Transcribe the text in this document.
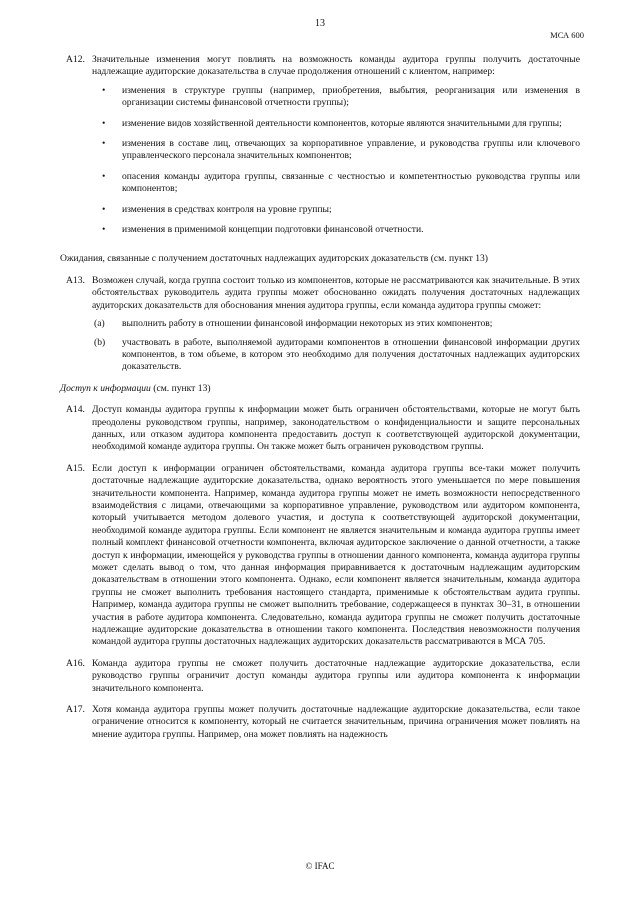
13
МСА 600
A12. Значительные изменения могут повлиять на возможность команды аудитора группы получить достаточные надлежащие аудиторские доказательства в случае продолжения отношений с клиентом, например:
•	изменения в структуре группы (например, приобретения, выбытия, реорганизация или изменения в организации системы финансовой отчетности группы);
•	изменение видов хозяйственной деятельности компонентов, которые являются значительными для группы;
•	изменения в составе лиц, отвечающих за корпоративное управление, и руководства группы или ключевого управленческого персонала значительных компонентов;
•	опасения команды аудитора группы, связанные с честностью и компетентностью руководства группы или компонентов;
•	изменения в средствах контроля на уровне группы;
•	изменения в применимой концепции подготовки финансовой отчетности.
Ожидания, связанные с получением достаточных надлежащих аудиторских доказательств (см. пункт 13)
A13. Возможен случай, когда группа состоит только из компонентов, которые не рассматриваются как значительные. В этих обстоятельствах руководитель аудита группы может обоснованно ожидать получения достаточных надлежащих аудиторских доказательств для обоснования мнения аудитора группы, если команда аудитора группы сможет:
(a)	выполнить работу в отношении финансовой информации некоторых из этих компонентов;
(b)	участвовать в работе, выполняемой аудиторами компонентов в отношении финансовой информации других компонентов, в том объеме, в котором это необходимо для получения достаточных надлежащих аудиторских доказательств.
Доступ к информации (см. пункт 13)
A14. Доступ команды аудитора группы к информации может быть ограничен обстоятельствами, которые не могут быть преодолены руководством группы, например, законодательством о конфиденциальности и защите персональных данных, или отказом аудитора компонента предоставить доступ к соответствующей аудиторской документации, необходимой команде аудитора группы. Он также может быть ограничен руководством группы.
A15. Если доступ к информации ограничен обстоятельствами, команда аудитора группы все-таки может получить достаточные надлежащие аудиторские доказательства, однако вероятность этого уменьшается по мере повышения значительности компонента. Например, команда аудитора группы может не иметь возможности непосредственного взаимодействия с лицами, отвечающими за корпоративное управление, руководством или аудитором компонента, который учитывается методом долевого участия, и доступа к соответствующей аудиторской документации, необходимой команде аудитора группы. Если компонент не является значительным и команда аудитора группы имеет полный комплект финансовой отчетности компонента, включая аудиторское заключение о данной отчетности, а также доступ к информации, имеющейся у руководства группы в отношении данного компонента, команда аудитора группы может сделать вывод о том, что данная информация приравнивается к достаточным надлежащим аудиторским доказательствам в отношении этого компонента. Однако, если компонент является значительным, команда аудитора группы не сможет выполнить требования настоящего стандарта, применимые к обстоятельствам аудита группы. Например, команда аудитора группы не сможет выполнить требование, содержащееся в пунктах 30–31, в отношении участия в работе аудитора компонента. Следовательно, команда аудитора группы не сможет получить достаточные надлежащие аудиторские доказательства в отношении такого компонента. Последствия невозможности получения командой аудитора группы достаточных надлежащих аудиторских доказательств рассматриваются в МСА 705.
A16. Команда аудитора группы не сможет получить достаточные надлежащие аудиторские доказательства, если руководство группы ограничит доступ команды аудитора группы или аудитора компонента к информации значительного компонента.
A17. Хотя команда аудитора группы может получить достаточные надлежащие аудиторские доказательства, если такое ограничение относится к компоненту, который не считается значительным, причина ограничения может повлиять на мнение аудитора группы. Например, она может повлиять на надежность
© IFAC
